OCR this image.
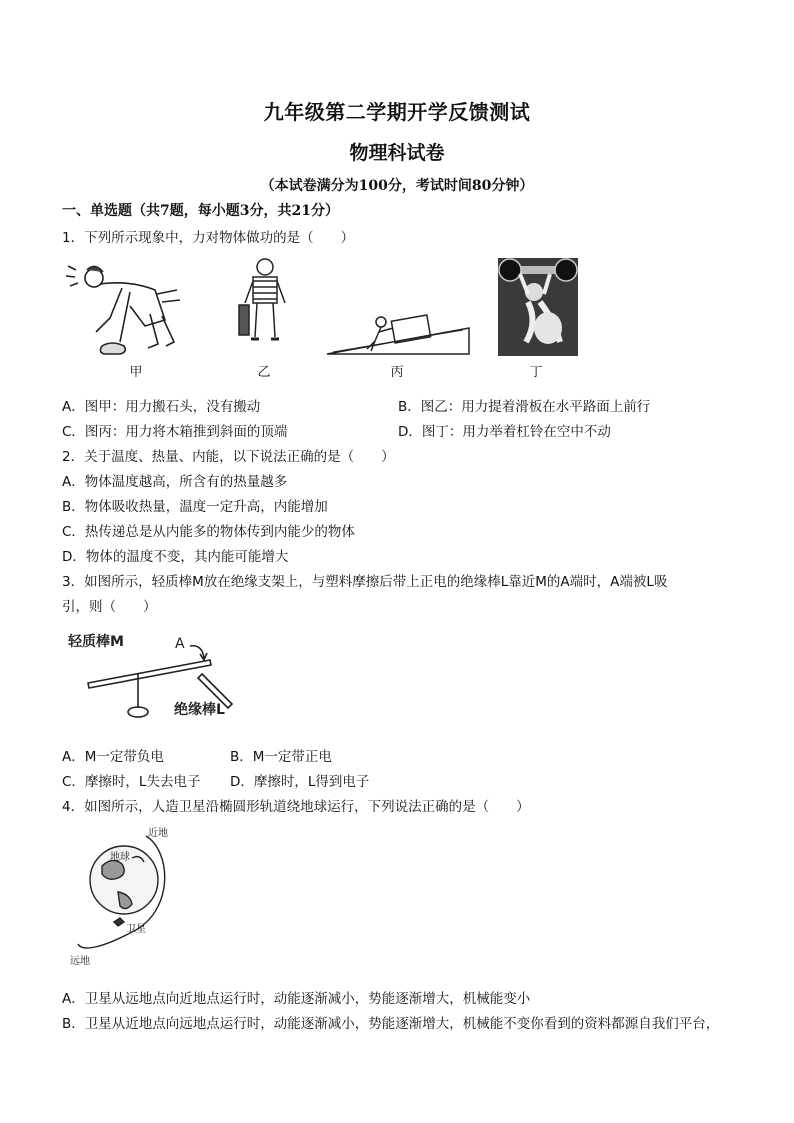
九年级第二学期开学反馈测试
物理科试卷
（本试卷满分为100分，考试时间80分钟）
一、单选题（共7题，每小题3分，共21分）
1．下列所示现象中，力对物体做功的是（　　）
甲	乙	丙	丁
A．图甲：用力搬石头，没有搬动	B．图乙：用力提着滑板在水平路面上前行
C．图丙：用力将木箱推到斜面的顶端	D．图丁：用力举着杠铃在空中不动
2．关于温度、热量、内能，以下说法正确的是（　　）
A．物体温度越高，所含有的热量越多
B．物体吸收热量，温度一定升高，内能增加
C．热传递总是从内能多的物体传到内能少的物体
D．物体的温度不变，其内能可能增大
3．如图所示，轻质棒M放在绝缘支架上，与塑料摩擦后带上正电的绝缘棒L靠近M的A端时，A端被L吸
引，则（　　）
轻质棒M	A
绝缘棒L
A．M一定带负电	B．M一定带正电
C．摩擦时，L失去电子 D．摩擦时，L得到电子
4．如图所示，人造卫星沿椭圆形轨道绕地球运行，下列说法正确的是（　　）
近地
地球
卫星
远地
A．卫星从远地点向近地点运行时，动能逐渐减小，势能逐渐增大，机械能变小
B．卫星从近地点向远地点运行时，动能逐渐减小，势能逐渐增大，机械能不变你看到的资料都源自我们平台，
